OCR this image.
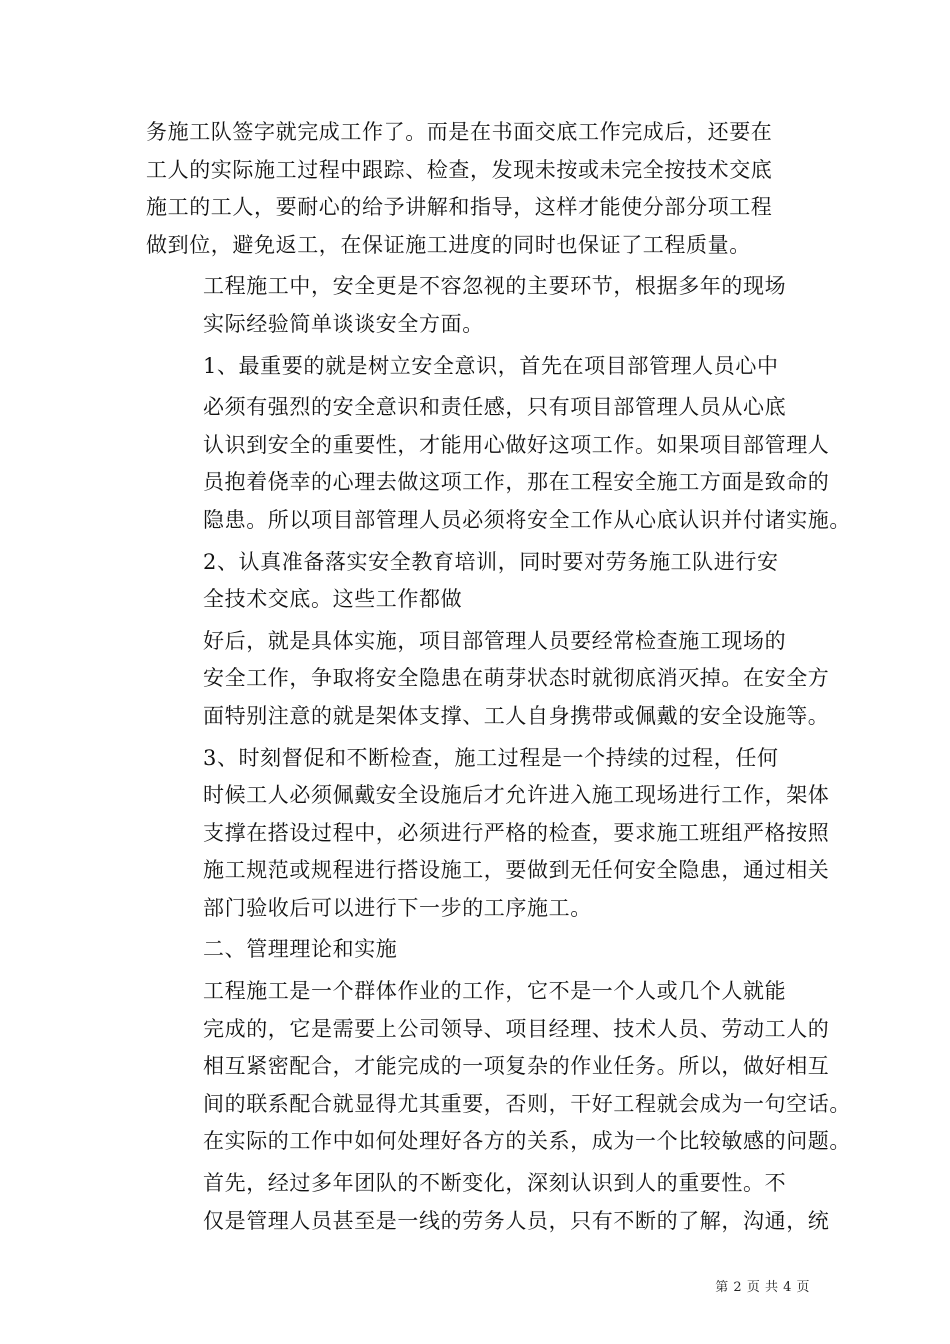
务施工队签字就完成工作了。而是在书面交底工作完成后，还要在
工人的实际施工过程中跟踪、检查，发现未按或未完全按技术交底
施工的工人，要耐心的给予讲解和指导，这样才能使分部分项工程
做到位，避免返工，在保证施工进度的同时也保证了工程质量。

工程施工中，安全更是不容忽视的主要环节，根据多年的现场
实际经验简单谈谈安全方面。

1、最重要的就是树立安全意识，首先在项目部管理人员心中

必须有强烈的安全意识和责任感，只有项目部管理人员从心底
认识到安全的重要性，才能用心做好这项工作。如果项目部管理人
员抱着侥幸的心理去做这项工作，那在工程安全施工方面是致命的
隐患。所以项目部管理人员必须将安全工作从心底认识并付诸实施。

2、认真准备落实安全教育培训，同时要对劳务施工队进行安
全技术交底。这些工作都做

好后，就是具体实施，项目部管理人员要经常检查施工现场的
安全工作，争取将安全隐患在萌芽状态时就彻底消灭掉。在安全方
面特别注意的就是架体支撑、工人自身携带或佩戴的安全设施等。

3、时刻督促和不断检查，施工过程是一个持续的过程，任何
时候工人必须佩戴安全设施后才允许进入施工现场进行工作，架体
支撑在搭设过程中，必须进行严格的检查，要求施工班组严格按照
施工规范或规程进行搭设施工，要做到无任何安全隐患，通过相关
部门验收后可以进行下一步的工序施工。

二、管理理论和实施

工程施工是一个群体作业的工作，它不是一个人或几个人就能
完成的，它是需要上公司领导、项目经理、技术人员、劳动工人的
相互紧密配合，才能完成的一项复杂的作业任务。所以，做好相互
间的联系配合就显得尤其重要，否则，干好工程就会成为一句空话。
在实际的工作中如何处理好各方的关系，成为一个比较敏感的问题。

首先，经过多年团队的不断变化，深刻认识到人的重要性。不
仅是管理人员甚至是一线的劳务人员，只有不断的了解，沟通，统

第 2 页 共 4 页
